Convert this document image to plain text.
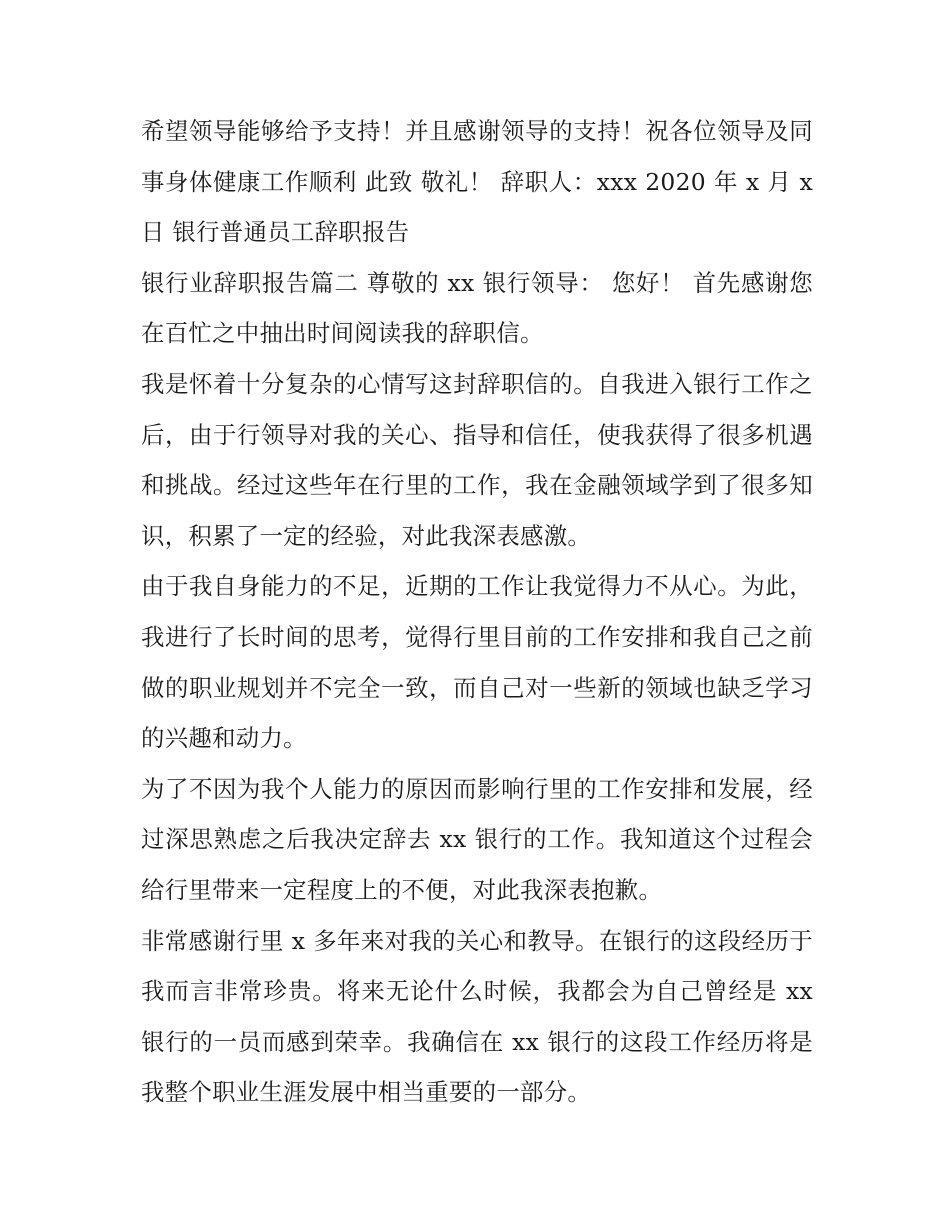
希望领导能够给予支持！并且感谢领导的支持！祝各位领导及同事身体健康工作顺利 此致 敬礼！ 辞职人：xxx 2020 年 x 月 x 日 银行普通员工辞职报告

银行业辞职报告篇二 尊敬的 xx 银行领导： 您好！ 首先感谢您在百忙之中抽出时间阅读我的辞职信。

我是怀着十分复杂的心情写这封辞职信的。自我进入银行工作之后，由于行领导对我的关心、指导和信任，使我获得了很多机遇和挑战。经过这些年在行里的工作，我在金融领域学到了很多知识，积累了一定的经验，对此我深表感激。

由于我自身能力的不足，近期的工作让我觉得力不从心。为此，我进行了长时间的思考，觉得行里目前的工作安排和我自己之前做的职业规划并不完全一致，而自己对一些新的领域也缺乏学习的兴趣和动力。

为了不因为我个人能力的原因而影响行里的工作安排和发展，经过深思熟虑之后我决定辞去 xx 银行的工作。我知道这个过程会给行里带来一定程度上的不便，对此我深表抱歉。

非常感谢行里 x 多年来对我的关心和教导。在银行的这段经历于我而言非常珍贵。将来无论什么时候，我都会为自己曾经是 xx 银行的一员而感到荣幸。我确信在 xx 银行的这段工作经历将是我整个职业生涯发展中相当重要的一部分。
